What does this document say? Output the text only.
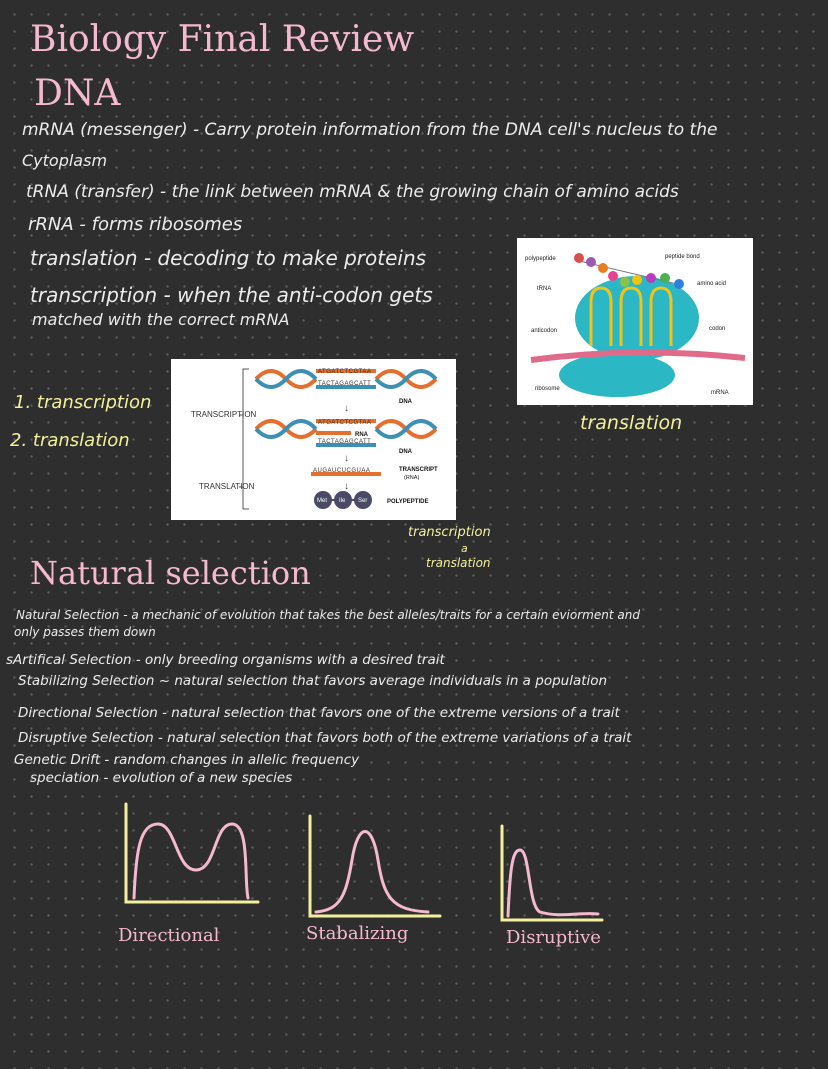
Biology Final Review
DNA
mRNA (messenger) - Carry protein information from the DNA cell's nucleus to the
Cytoplasm
tRNA (transfer) - the link between mRNA & the growing chain of amino acids
rRNA - forms ribosomes
translation - decoding to make proteins
transcription - when the anti-codon gets
matched with the correct mRNA
1. transcription
2. translation
TRANSCRIPTION
TRANSLATION
ATGATCTCGTAA
TACTAGAGCATT
DNA
↓
RNA
ATGATCTCGTAA
TACTAGAGCATT
DNA
↓
AUGAUCUCGUAA	TRANSCRIPT
(RNA)
↓
Met Ile Ser	POLYPEPTIDE
polypeptide	peptide bond
amino acid
tRNA
anticodon	codon
ribosome
mRNA
translation
transcription
a
translation
Natural selection
Natural Selection - a mechanic of evolution that takes the best alleles/traits for a certain eviorment and
only passes them down
sArtifical Selection - only breeding organisms with a desired trait
Stabilizing Selection ~ natural selection that favors average individuals in a population
Directional Selection - natural selection that favors one of the extreme versions of a trait
Disruptive Selection - natural selection that favors both of the extreme variations of a trait
Genetic Drift - random changes in allelic frequency
speciation - evolution of a new species
Directional	Stabalizing	Disruptive
